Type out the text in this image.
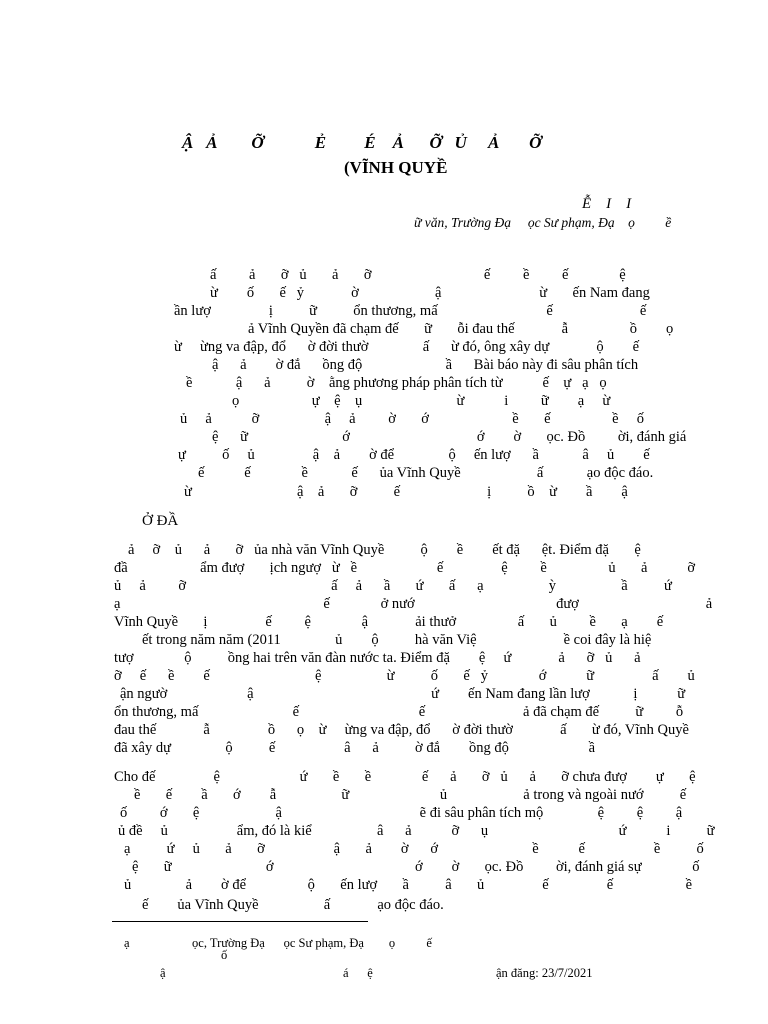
Ậ   Ả        Ỡ            Ẻ         É    Ả      Ỡ   Ủ     Ả       Ỡ
(VĨNH QUYỀ
Ễ    I    I
ữ văn, Trường Đạ     ọc Sư phạm, Đạ    ọ         ề
ấ         ả       ỡ   ủ       ả       ỡ                               ế         ề         ế              ệ
ừ        ố       ế   ỷ             ờ                     ậ                           ừ       ến Nam đang
ần lượ                ị          ữ          ổn thương, mấ                              ế                        ế
ả Vĩnh Quyền đã chạm đế       ữ       ỗi đau thế             ẫ                 ồ        ọ
ừ     ừng va đập, đổ      ờ đời thườ               ấ      ừ đó, ông xây dự             ộ        ế
ậ      ả        ờ đắ      ồng độ                       ầ      Bài báo này đi sâu phân tích
ề            ậ      ả          ờ    ằng phương pháp phân tích từ           ế    ự   ạ   ọ
ọ                    ự    ệ    ụ                          ừ           i         ữ        ạ     ừ
ủ     ả           ỡ                  ậ     ả         ờ       ớ                       ề       ế                 ề     ố
ệ      ữ                          ớ                                   ớ        ờ       ọc. Đồ         ời, đánh giá
ự          ố     ủ                ậ    ả        ờ để               ộ     ến lượ      ầ            â     ủ        ế
ế           ế              ề            ế      ủa Vĩnh Quyề                     ấ            ạo độc đáo.
ừ                             ậ    ả       ỡ          ế                        ị          ồ    ừ        ầ        ậ
Ở ĐẦ
ả     ỡ    ủ      ả       ỡ   ủa nhà văn Vĩnh Quyề          ộ        ề        ết đặ      ệt. Điểm đặ       ệ
đầ                    ẩm đượ       ịch ngượ   ừ   ề                      ế                ệ         ề                 ủ       ả           ỡ
ủ     ả         ỡ                                        ấ     ả      ầ       ứ       ấ      ạ                  ỳ                  ầ          ứ
ạ                                                        ế              ở nướ                                       đượ                                   ả
Vĩnh Quyề       ị                ế         ệ              ậ             ải thưở                 ấ       ủ         ề       ạ        ế
ết trong năm năm (2011               ủ        ộ          hà văn Việ                        ề coi đây là hiệ
tượ              ộ          ồng hai trên văn đàn nước ta. Điểm đặ        ệ     ứ             ả      ỡ   ủ      ả
ỡ     ế      ề        ế                             ệ                  ừ          ố       ế   ỷ              ớ           ữ                ấ        ủ
ận ngườ                      ậ                                                 ứ        ến Nam đang lần lượ            ị           ữ
ổn thương, mấ                          ế                                 ế                           ả đã chạm đế          ữ         ỗ
đau thế             ẫ                ồ      ọ    ừ     ừng va đập, đổ      ờ đời thườ             ấ       ừ đó, Vĩnh Quyề
đã xây dự               ộ          ế                   â      ả          ờ đắ        ồng độ                      ầ
Cho đế                ệ                      ứ       ề       ề              ế      ả       ỡ   ủ      ả       ỡ chưa đượ        ự       ệ
ề       ế        ầ       ớ        ẫ                  ữ                         ủ                     ả trong và ngoài nướ          ế
ố         ớ       ệ                     ậ                                      ẽ đi sâu phân tích mộ               ệ         ệ         ậ
ủ đề     ủ                   ẩm, đó là kiể                  â      ả           ỡ      ụ                                    ứ           i          ữ
ạ          ứ     ủ       ả       ỡ                   ậ       ả        ờ      ớ                          ề           ế                   ề          ố
ệ       ữ                          ớ                                       ớ        ờ       ọc. Đồ         ời, đánh giá sự              ố
ủ               ả        ờ để                 ộ       ến lượ       ầ          â       ủ                ế                ế                    ề
ế        ủa Vĩnh Quyề                  ấ             ạo độc đáo.
ạ                    ọc, Trường Đạ      ọc Sư phạm, Đạ        ọ          ế
ố
ậ	á      ệ	ận đăng: 23/7/2021
